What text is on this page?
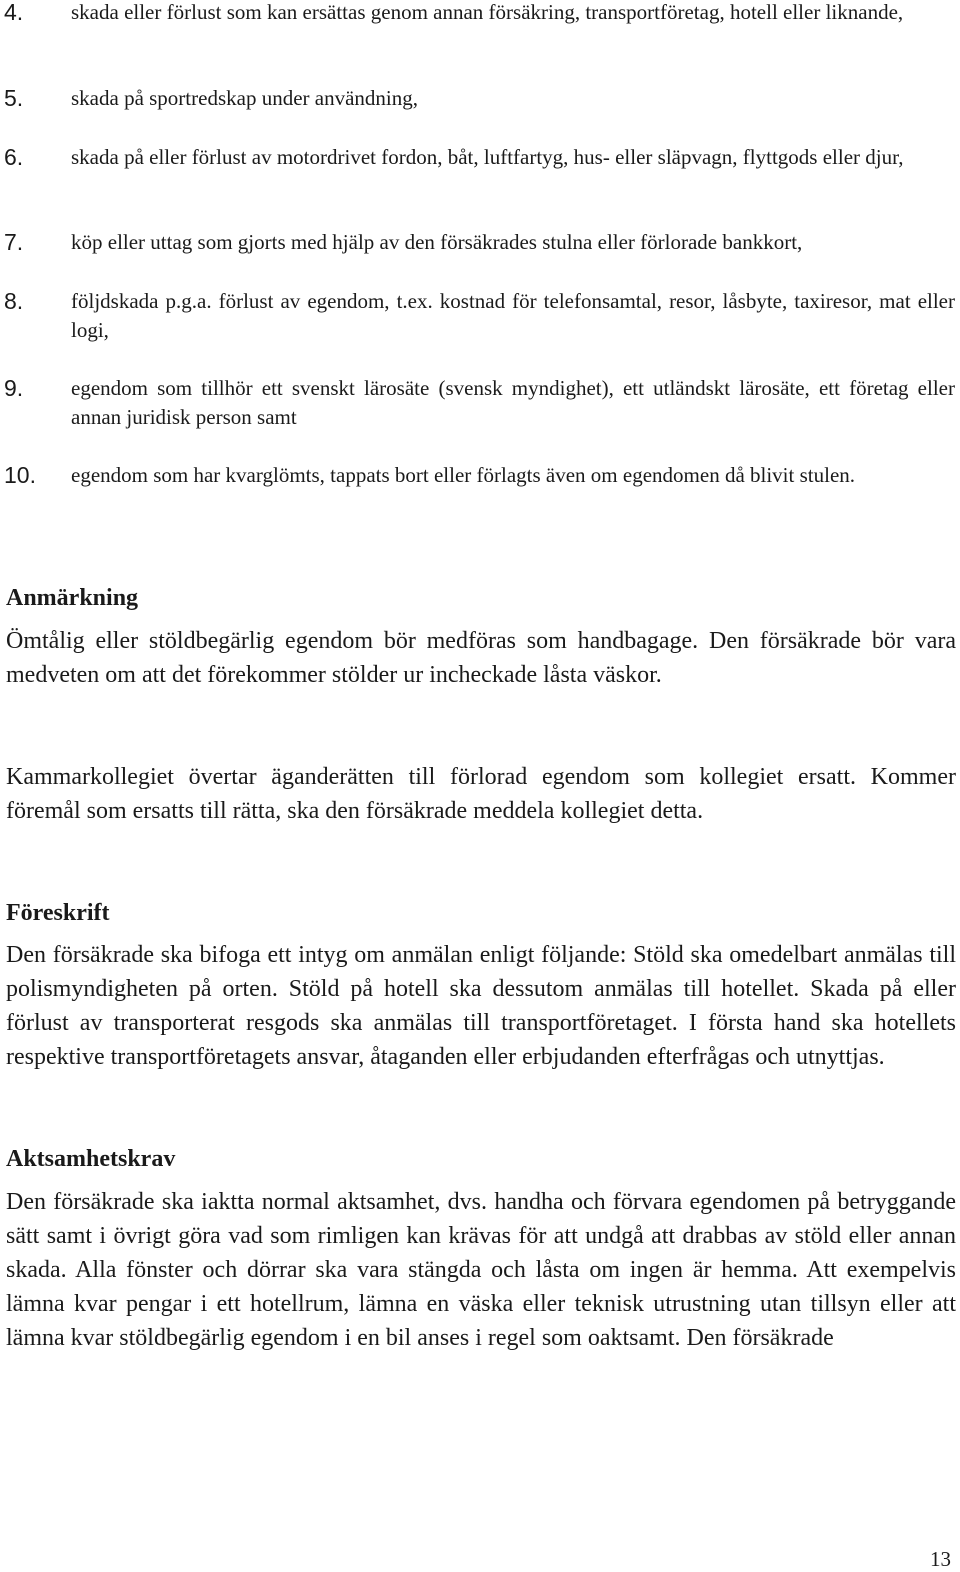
4. skada eller förlust som kan ersättas genom annan försäkring, transportföretag, hotell eller liknande,
5. skada på sportredskap under användning,
6. skada på eller förlust av motordrivet fordon, båt, luftfartyg, hus- eller släpvagn, flyttgods eller djur,
7. köp eller uttag som gjorts med hjälp av den försäkrades stulna eller förlorade bankkort,
8. följdskada p.g.a. förlust av egendom, t.ex. kostnad för telefonsamtal, resor, låsbyte, taxiresor, mat eller logi,
9. egendom som tillhör ett svenskt lärosäte (svensk myndighet), ett utländskt lärosäte, ett företag eller annan juridisk person samt
10. egendom som har kvarglömts, tappats bort eller förlagts även om egendomen då blivit stulen.
Anmärkning

Ömtålig eller stöldbegärlig egendom bör medföras som handbagage. Den försäkrade bör vara medveten om att det förekommer stölder ur incheckade låsta väskor.

Kammarkollegiet övertar äganderätten till förlorad egendom som kollegiet ersatt. Kommer föremål som ersatts till rätta, ska den försäkrade meddela kollegiet detta.

Föreskrift

Den försäkrade ska bifoga ett intyg om anmälan enligt följande: Stöld ska omedelbart anmälas till polismyndigheten på orten. Stöld på hotell ska dessutom anmälas till hotellet. Skada på eller förlust av transporterat resgods ska anmälas till transportföretaget. I första hand ska hotellets respektive transportföretagets ansvar, åtaganden eller erbjudanden efterfrågas och utnyttjas.

Aktsamhetskrav

Den försäkrade ska iaktta normal aktsamhet, dvs. handha och förvara egendomen på betryggande sätt samt i övrigt göra vad som rimligen kan krävas för att undgå att drabbas av stöld eller annan skada. Alla fönster och dörrar ska vara stängda och låsta om ingen är hemma. Att exempelvis lämna kvar pengar i ett hotellrum, lämna en väska eller teknisk utrustning utan tillsyn eller att lämna kvar stöldbegärlig egendom i en bil anses i regel som oaktsamt. Den försäkrade

13
